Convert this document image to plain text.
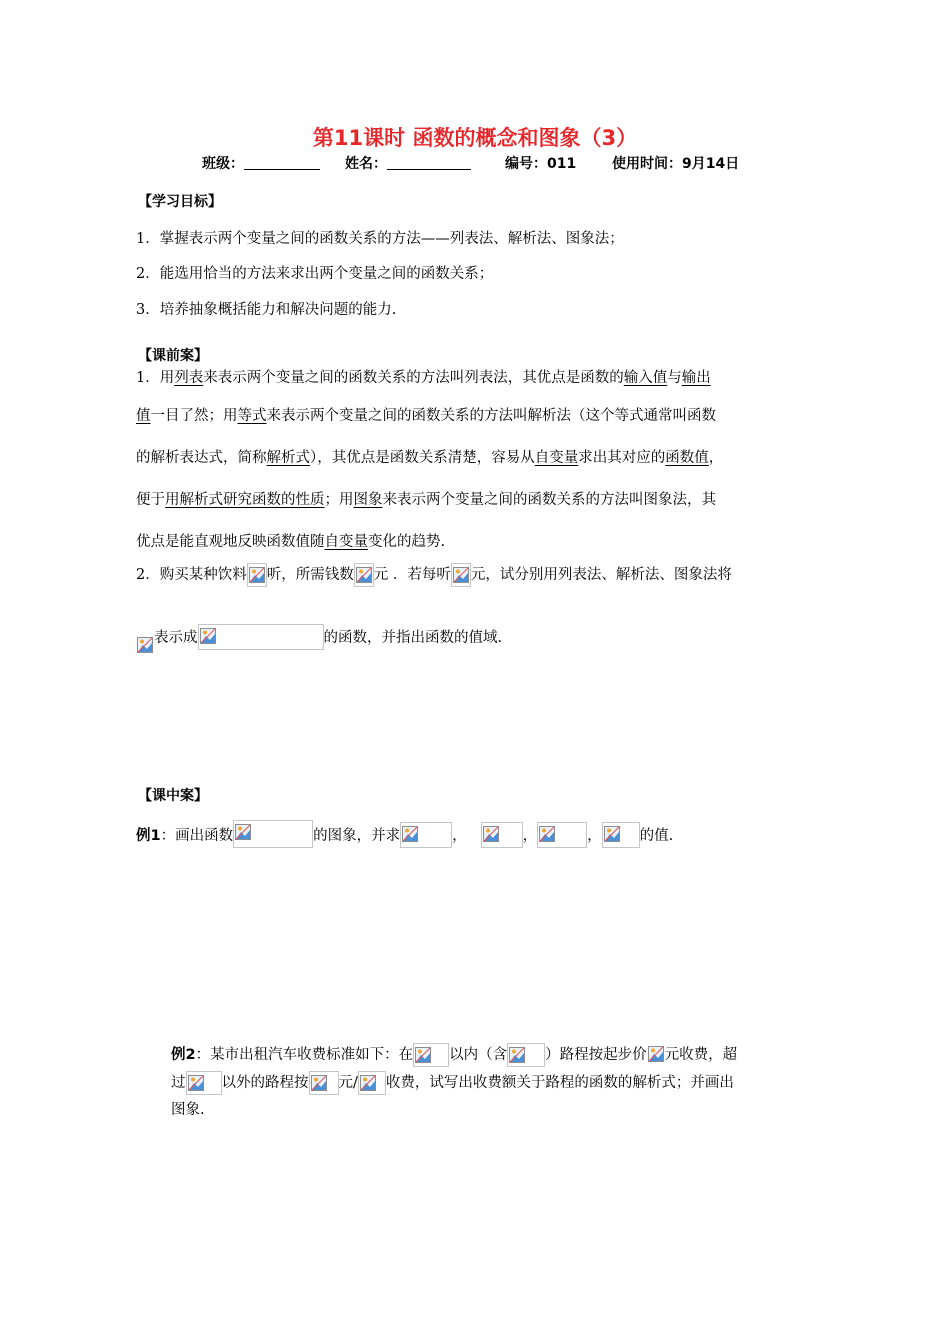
第11课时 函数的概念和图象（3）
班级：	姓名：	编号：011	使用时间：9月14日
【学习目标】
1．掌握表示两个变量之间的函数关系的方法——列表法、解析法、图象法；
2．能选用恰当的方法来求出两个变量之间的函数关系；
3．培养抽象概括能力和解决问题的能力.
【课前案】
1．用列表来表示两个变量之间的函数关系的方法叫列表法，其优点是函数的输入值与输出
值一目了然；用等式来表示两个变量之间的函数关系的方法叫解析法（这个等式通常叫函数
的解析表达式，简称解析式），其优点是函数关系清楚，容易从自变量求出其对应的函数值，
便于用解析式研究函数的性质；用图象来表示两个变量之间的函数关系的方法叫图象法，其
优点是能直观地反映函数值随自变量变化的趋势.
2．购买某种饮料 听，所需钱数 元 ．若每听 元，试分别用列表法、解析法、图象法将
表示成	的函数，并指出函数的值域.
【课中案】
例1：画出函数	的图象，并求	，	，	，	的值.
例2：某市出租汽车收费标准如下：在 以内（含	）路程按起步价 元收费，超
过 以外的路程按 元/ 收费，试写出收费额关于路程的函数的解析式；并画出
图象.
